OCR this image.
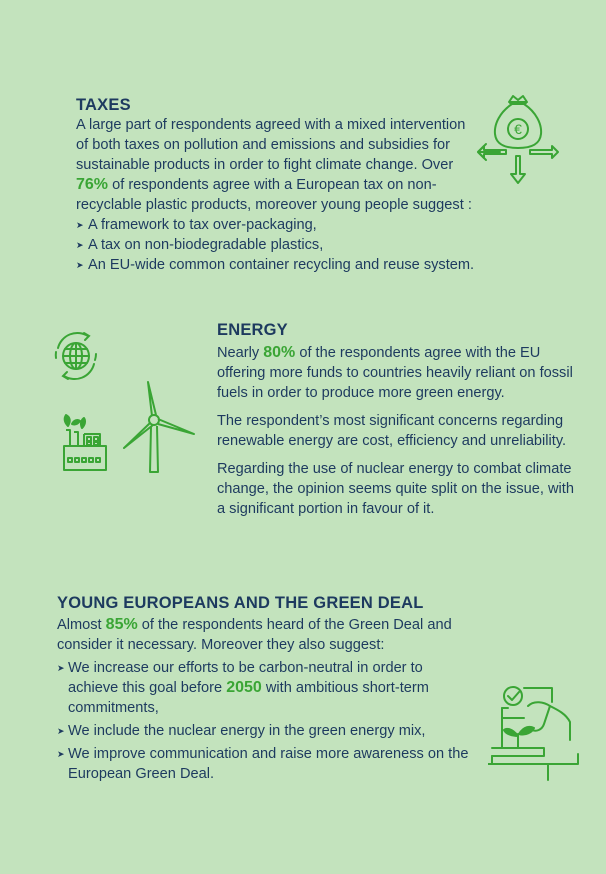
TAXES

A large part of respondents agreed with a mixed intervention of both taxes on pollution and emissions and subsidies for sustainable products in order to fight climate change. Over 76% of respondents agree with a European tax on non-recyclable plastic products, moreover young people suggest :

➤ A framework to tax over-packaging,
➤ A tax on non-biodegradable plastics,
➤ An EU-wide common container recycling and reuse system.
€
ENERGY

Nearly 80% of the respondents agree with the EU offering more funds to countries heavily reliant on fossil fuels in order to produce more green energy.

The respondent’s most significant concerns regarding renewable energy are cost, efficiency and unreliability.

Regarding the use of nuclear energy to combat climate change, the opinion seems quite split on the issue, with a significant portion in favour of it.

YOUNG EUROPEANS AND THE GREEN DEAL

Almost 85% of the respondents heard of the Green Deal and consider it necessary. Moreover they also suggest:

➤ We increase our efforts to be carbon-neutral in order to achieve this goal before 2050 with ambitious short-term commitments,
➤ We include the nuclear energy in the green energy mix,
➤ We improve communication and raise more awareness on the European Green Deal.
